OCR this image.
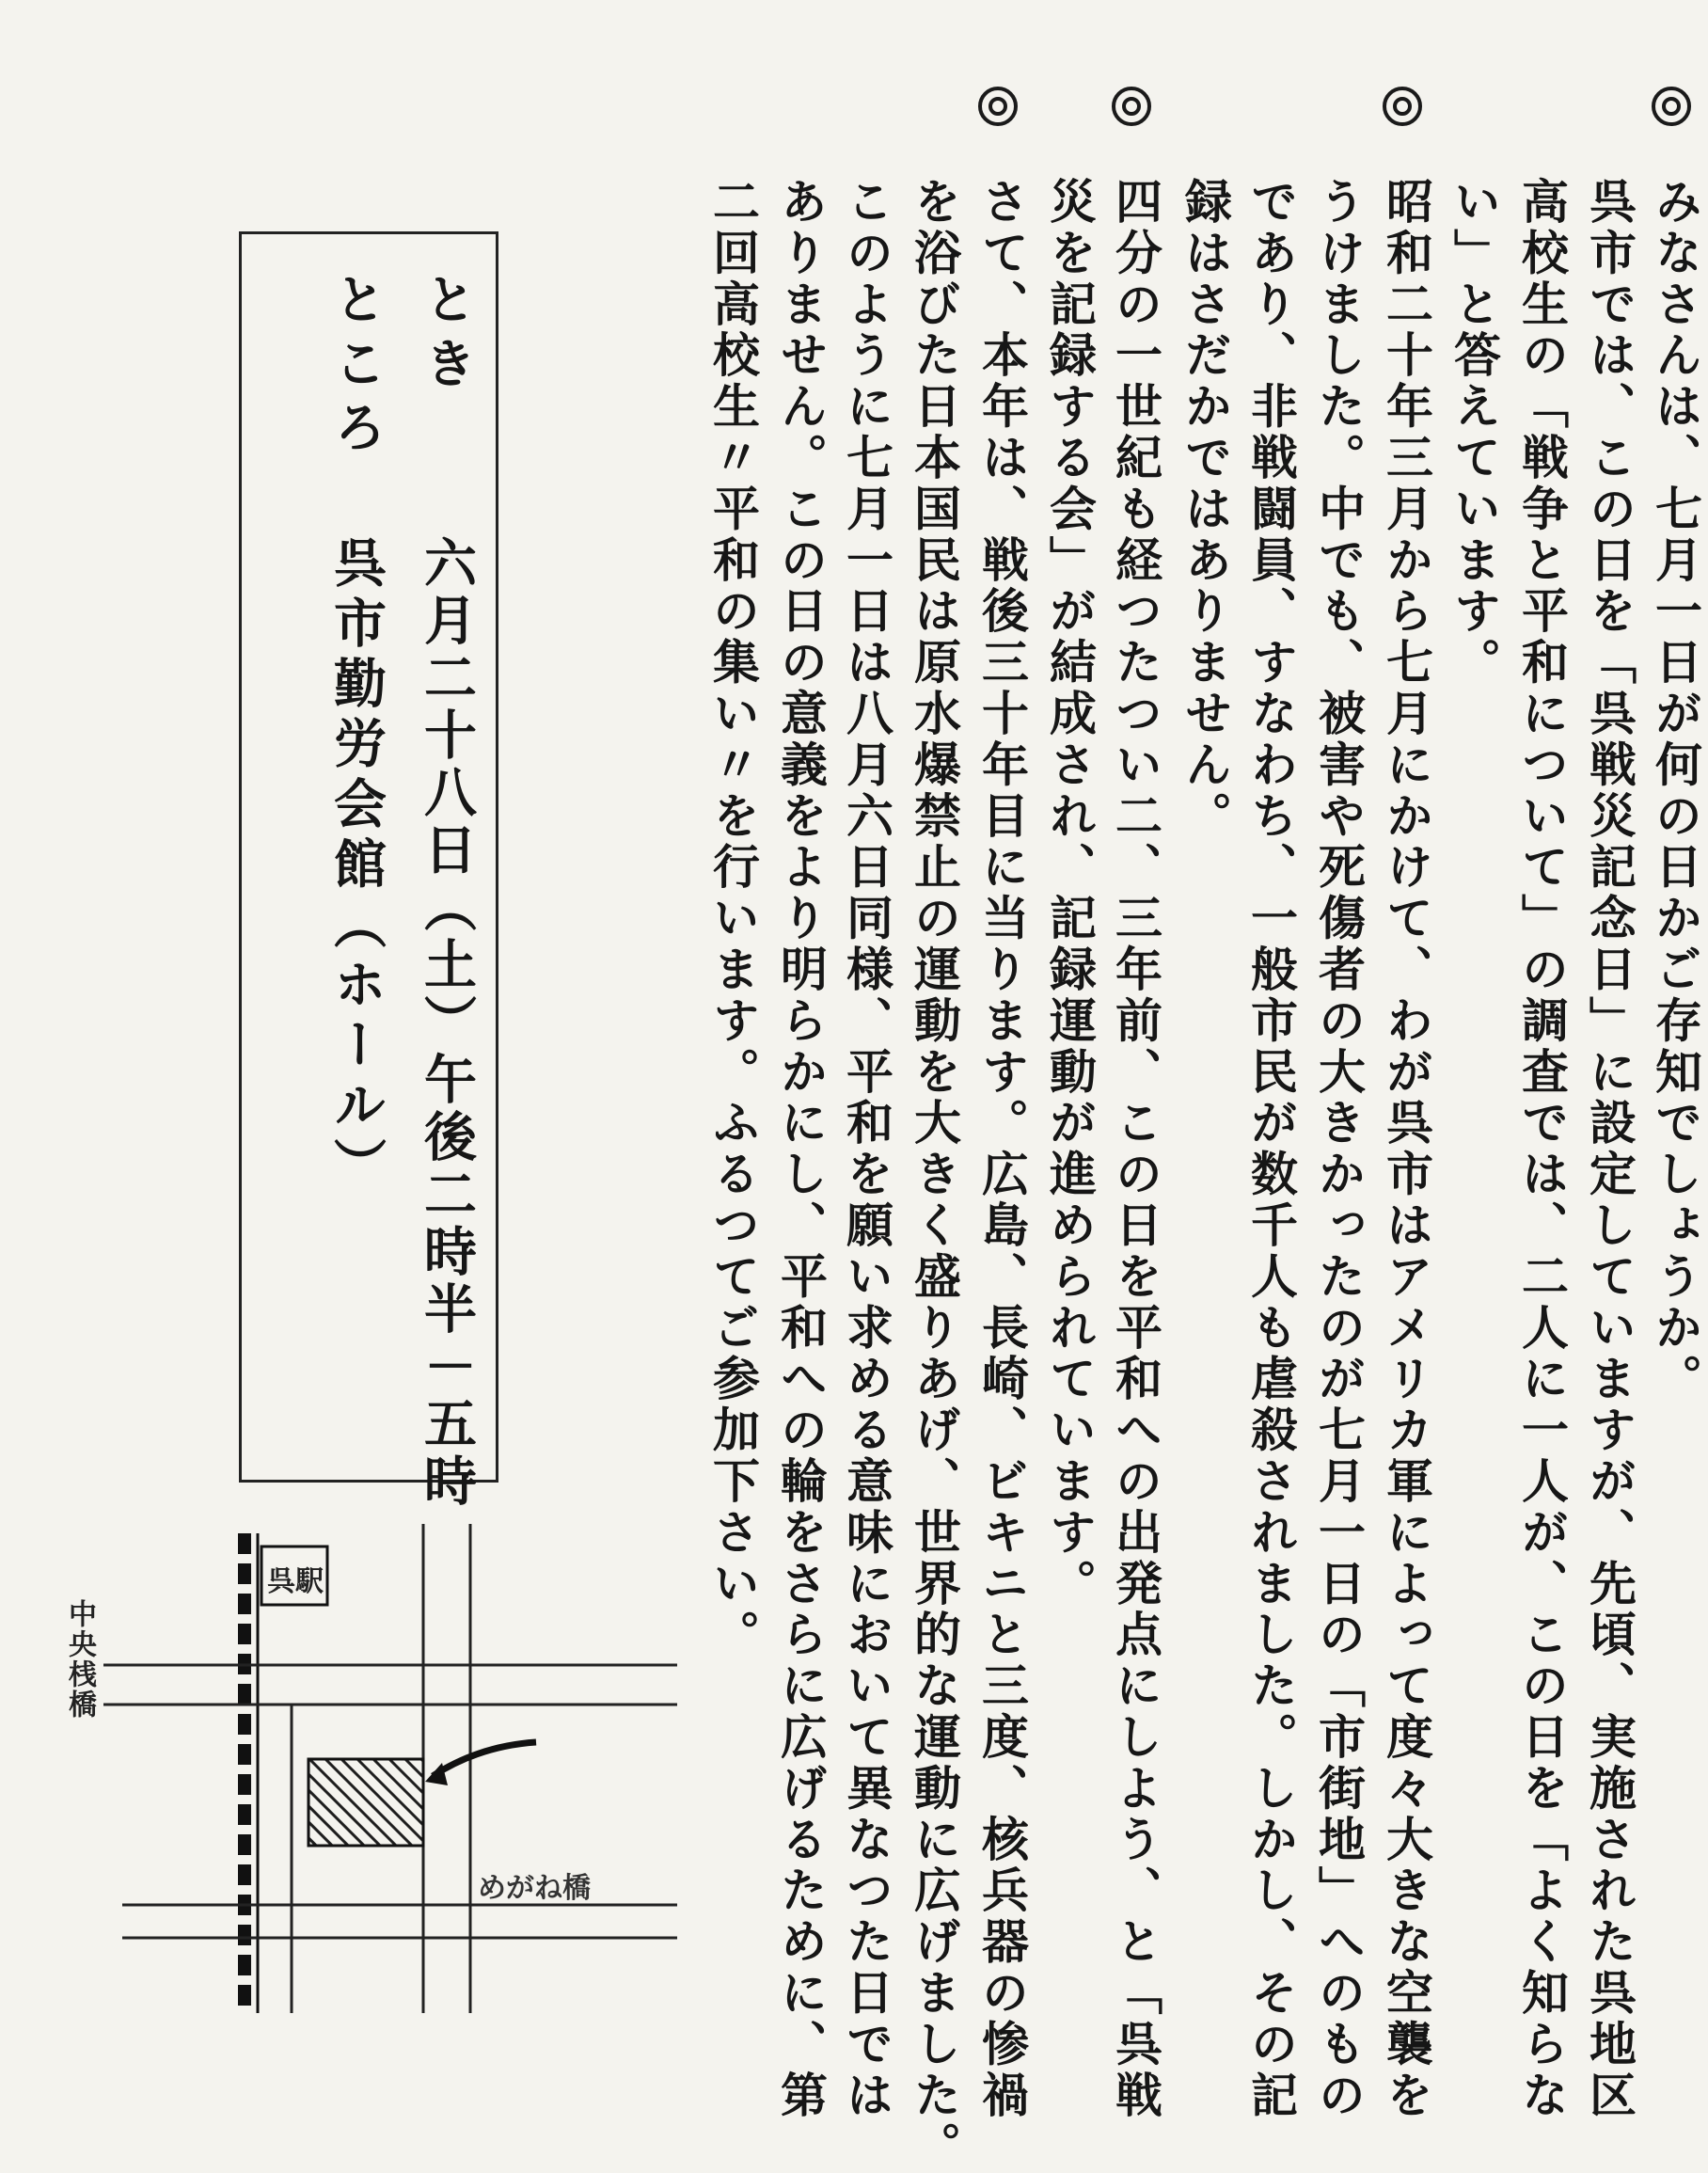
みなさんは、七月一日が何の日かご存知でしょうか。
呉市では、この日を「呉戦災記念日」に設定していますが、先頃、実施された呉地区
高校生の「戦争と平和について」の調査では、二人に一人が、この日を「よく知らな
い」と答えています。
昭和二十年三月から七月にかけて、わが呉市はアメリカ軍によって度々大きな空襲を
うけました。中でも、被害や死傷者の大きかったのが七月一日の「市街地」へのもの
であり、非戦闘員、すなわち、一般市民が数千人も虐殺されました。しかし、その記
録はさだかではありません。
四分の一世紀も経つたつい二、三年前、この日を平和への出発点にしよう、と「呉戦
災を記録する会」が結成され、記録運動が進められています。
さて、本年は、戦後三十年目に当ります。広島、長崎、ビキニと三度、核兵器の惨禍
を浴びた日本国民は原水爆禁止の運動を大きく盛りあげ、世界的な運動に広げました。
このように七月一日は八月六日同様、平和を願い求める意味において異なつた日では
ありません。この日の意義をより明らかにし、平和への輪をさらに広げるために、第
二回高校生〃平和の集い〃を行います。ふるつてご参加下さい。
とき
六月二十八日（土）午後二時半－五時
ところ
呉市勤労会館（ホール）
呉駅
中央桟橋
めがね橋
